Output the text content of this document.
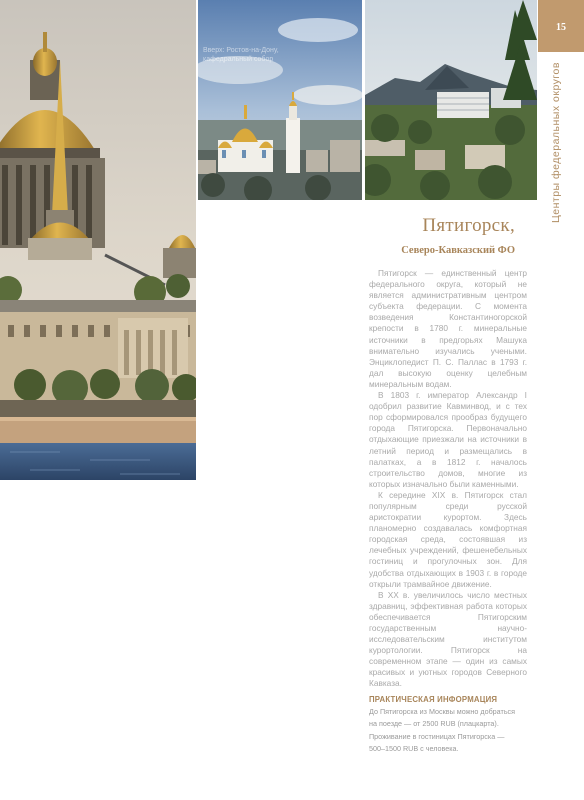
Вверх: Ростов-на-Дону, кафедральный собор
15
Центры федеральных округов
Пятигорск,
Северо-Кавказский ФО

Пятигорск — единственный центр федерального округа, который не является административным центром субъекта федерации. С момента возведения Константиногорской крепости в 1780 г. минеральные источники в предгорьях Машука внимательно изучались учеными. Энциклопедист П. С. Паллас в 1793 г. дал высокую оценку целебным минеральным водам.

В 1803 г. император Александр I одобрил развитие Кавминвод, и с тех пор сформировался прообраз будущего города Пятигорска. Первоначально отдыхающие приезжали на источники в летний период и размещались в палатках, а в 1812 г. началось строительство домов, многие из которых изначально были каменными.

К середине XIX в. Пятигорск стал популярным среди русской аристократии курортом. Здесь планомерно создавалась комфортная городская среда, состоявшая из лечебных учреждений, фешенебельных гостиниц и прогулочных зон. Для удобства отдыхающих в 1903 г. в городе открыли трамвайное движение.

В XX в. увеличилось число местных здравниц, эффективная работа которых обеспечивается Пятигорским государственным научно-исследовательским институтом курортологии. Пятигорск на современном этапе — один из самых красивых и уютных городов Северного Кавказа.

ПРАКТИЧЕСКАЯ ИНФОРМАЦИЯ
До Пятигорска из Москвы можно добраться
на поезде — от 2500 RUB (плацкарта).
Проживание в гостиницах Пятигорска —
500–1500 RUB с человека.
